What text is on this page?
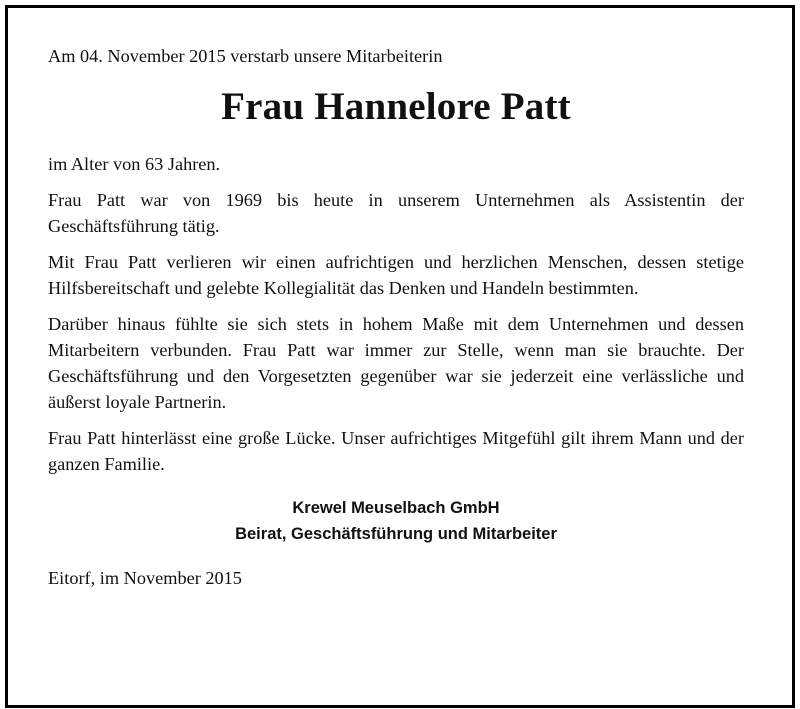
Am 04. November 2015 verstarb unsere Mitarbeiterin

Frau Hannelore Patt

im Alter von 63 Jahren.

Frau Patt war von 1969 bis heute in unserem Unternehmen als Assistentin der Geschäftsführung tätig.

Mit Frau Patt verlieren wir einen aufrichtigen und herzlichen Menschen, dessen stetige Hilfsbereitschaft und gelebte Kollegialität das Denken und Handeln bestimmten.

Darüber hinaus fühlte sie sich stets in hohem Maße mit dem Unternehmen und dessen Mitarbeitern verbunden. Frau Patt war immer zur Stelle, wenn man sie brauchte. Der Geschäftsführung und den Vorgesetzten gegenüber war sie jederzeit eine verlässliche und äußerst loyale Partnerin.

Frau Patt hinterlässt eine große Lücke. Unser aufrichtiges Mitgefühl gilt ihrem Mann und der ganzen Familie.

Krewel Meuselbach GmbH
Beirat, Geschäftsführung und Mitarbeiter

Eitorf, im November 2015
